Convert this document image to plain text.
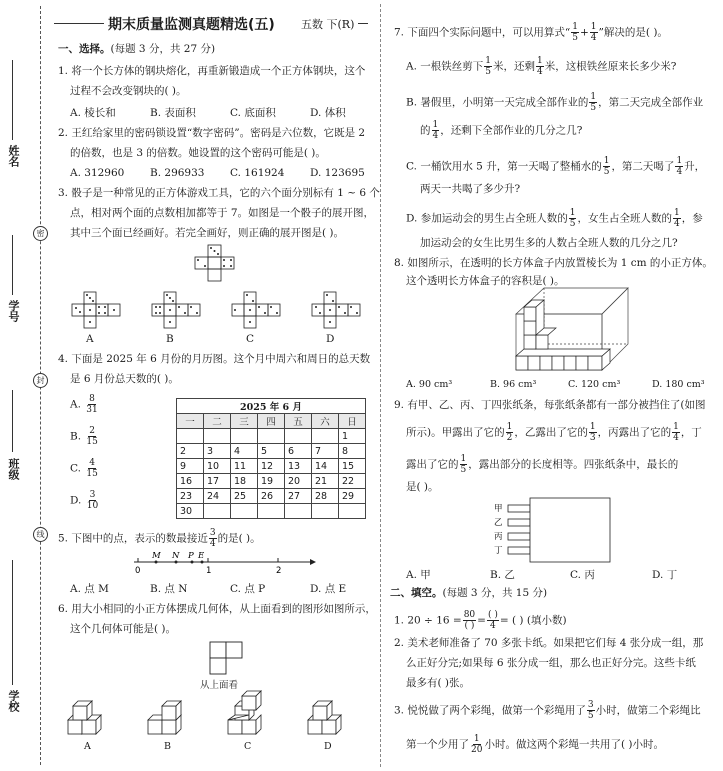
姓名
密
学号
封
班级
线
学校
期末质量监测真题精选(五) 五数 下(R)
一、选择。(每题 3 分，共 27 分)
1. 将一个长方体的钢块熔化，再重新锻造成一个正方体钢块，这个
过程不会改变钢块的( )。
A. 棱长和	B. 表面积	C. 底面积	D. 体积
2. 王红给家里的密码锁设置“数字密码”。密码是六位数，它既是 2
的倍数，也是 3 的倍数。她设置的这个密码可能是( )。
A. 312960 B. 296933 C. 161924 D. 123695
3. 骰子是一种常见的正方体游戏工具，它的六个面分别标有 1 ~ 6 个
点，相对两个面的点数相加都等于 7。如图是一个骰子的展开图，
其中三个面已经画好。若完全画好，则正确的展开图是( )。
A	B	C	D
4. 下面是 2025 年 6 月份的月历图。这个月中周六和周日的总天数
是 6 月份总天数的( )。
A. $\frac{8}{31}$
B. $\frac{2}{15}$
C. $\frac{4}{15}$
D. $\frac{3}{10}$
2025 年 6 月						
一	二	三	四	五	六	日
						1
2	3	4	5	6	7	8
9	10	11	12	13	14	15
16	17	18	19	20	21	22
23	24	25	26	27	28	29
30						
5. 下图中的点，表示的数最接近 $\frac{3}{4}$ 的是( )。
0	1	2
M N P E
A. 点 M	B. 点 N	C. 点 P	D. 点 E
6. 用大小相同的小正方体摆成几何体，从上面看到的图形如图所示，
这个几何体可能是( )。
从上面看
A	B	C	D
7. 下面四个实际问题中，可以用算式“ $\frac{1}{5} + \frac{1}{4}$ ”解决的是( )。
A. 一根铁丝剪下 $\frac{1}{5}$ 米，还剩 $\frac{1}{4}$ 米，这根铁丝原来长多少米?
B. 暑假里，小明第一天完成全部作业的 $\frac{1}{5}$ ，第二天完成全部作业
的 $\frac{1}{4}$ ，还剩下全部作业的几分之几?
C. 一桶饮用水 5 升，第一天喝了整桶水的 $\frac{1}{5}$ ，第二天喝了 $\frac{1}{4}$ 升，
两天一共喝了多少升?
D. 参加运动会的男生占全班人数的 $\frac{1}{5}$ ，女生占全班人数的 $\frac{1}{4}$ ，参
加运动会的女生比男生多的人数占全班人数的几分之几?
8. 如图所示，在透明的长方体盒子内放置棱长为 1 cm 的小正方体。
这个透明长方体盒子的容积是( )。
A. 90 cm³	B. 96 cm³	C. 120 cm³	D. 180 cm³
9. 有甲、乙、丙、丁四张纸条，每张纸条都有一部分被挡住了(如图
所示)。甲露出了它的 $\frac{1}{2}$ ，乙露出了它的 $\frac{1}{3}$ ，丙露出了它的 $\frac{1}{4}$ ，丁
露出了它的 $\frac{1}{5}$ ，露出部分的长度相等。四张纸条中，最长的
是( )。
甲
乙
丙
丁
A. 甲	B. 乙	C. 丙	D. 丁
二、填空。(每题 3 分，共 15 分)
1. $20 \div 16 = \frac{80}{( )} = \frac{( )}{4}$ = ( ) (填小数)
2. 美术老师准备了 70 多张卡纸。如果把它们每 4 张分成一组，那
么正好分完;如果每 6 张分成一组，那么也正好分完。这些卡纸
最多有( )张。
3. 悦悦做了两个彩绳，做第一个彩绳用了 $\frac{3}{5}$ 小时，做第二个彩绳比
第一个少用了 $\frac{1}{20}$ 小时。做这两个彩绳一共用了( )小时。
